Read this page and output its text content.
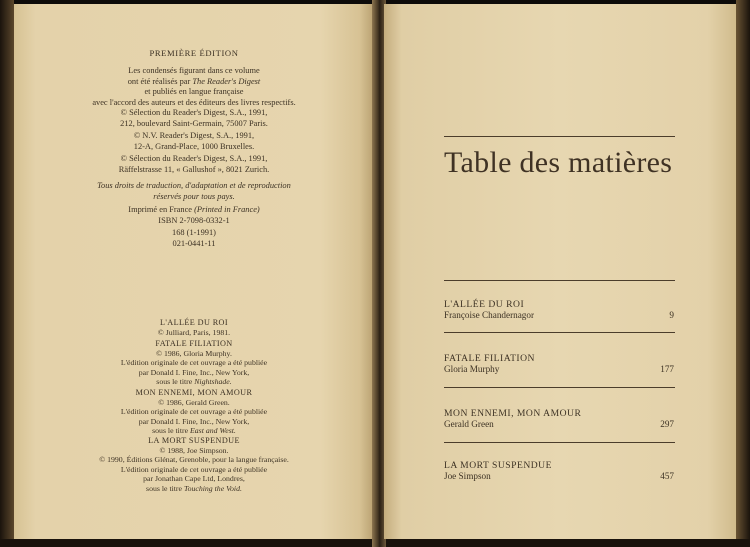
PREMIÈRE ÉDITION
Les condensés figurant dans ce volume
ont été réalisés par The Reader's Digest
et publiés en langue française
avec l'accord des auteurs et des éditeurs des livres respectifs.
© Sélection du Reader's Digest, S.A., 1991,
212, boulevard Saint-Germain, 75007 Paris.
© N.V. Reader's Digest, S.A., 1991,
12-A, Grand-Place, 1000 Bruxelles.
© Sélection du Reader's Digest, S.A., 1991,
Räffelstrasse 11, « Gallushof », 8021 Zurich.
Tous droits de traduction, d'adaptation et de reproduction
réservés pour tous pays.
Imprimé en France (Printed in France)
ISBN 2-7098-0332-1
168 (1-1991)
021-0441-11
L'ALLÉE DU ROI
© Julliard, Paris, 1981.
FATALE FILIATION
© 1986, Gloria Murphy.
L'édition originale de cet ouvrage a été publiée
par Donald I. Fine, Inc., New York,
sous le titre Nightshade.
MON ENNEMI, MON AMOUR
© 1986, Gerald Green.
L'édition originale de cet ouvrage a été publiée
par Donald I. Fine, Inc., New York,
sous le titre East and West.
LA MORT SUSPENDUE
© 1988, Joe Simpson.
© 1990, Éditions Glénat, Grenoble, pour la langue française.
L'édition originale de cet ouvrage a été publiée
par Jonathan Cape Ltd, Londres,
sous le titre Touching the Void.
Table des matières
L'ALLÉE DU ROI
Françoise Chandernagor	9
FATALE FILIATION
Gloria Murphy	177
MON ENNEMI, MON AMOUR
Gerald Green	297
LA MORT SUSPENDUE
Joe Simpson	457
